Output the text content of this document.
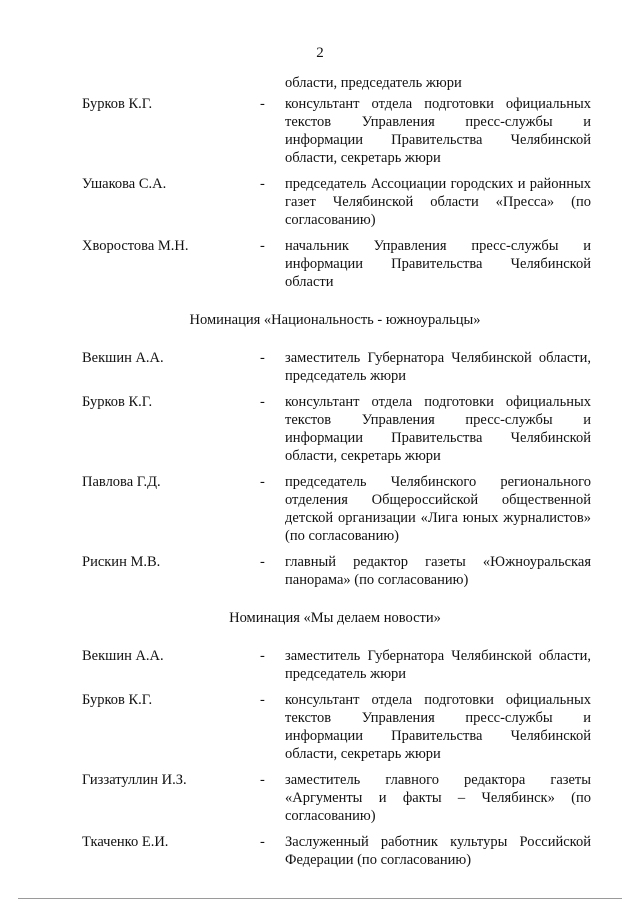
2
области, председатель жюри
Бурков К.Г.	- консультант отдела подготовки официальных текстов Управления пресс-службы и информации Правительства Челябинской области, секретарь жюри
Ушакова С.А.	- председатель Ассоциации городских и районных газет Челябинской области «Пресса» (по согласованию)
Хворостова М.Н.	- начальник Управления пресс-службы и информации Правительства Челябинской области
Номинация «Национальность - южноуральцы»
Векшин А.А.	- заместитель Губернатора Челябинской области, председатель жюри
Бурков К.Г.	- консультант отдела подготовки официальных текстов Управления пресс-службы и информации Правительства Челябинской области, секретарь жюри
Павлова Г.Д.	- председатель Челябинского регионального отделения Общероссийской общественной детской организации «Лига юных журналистов» (по согласованию)
Рискин М.В.	- главный редактор газеты «Южноуральская панорама» (по согласованию)
Номинация «Мы делаем новости»
Векшин А.А.	- заместитель Губернатора Челябинской области, председатель жюри
Бурков К.Г.	- консультант отдела подготовки официальных текстов Управления пресс-службы и информации Правительства Челябинской области, секретарь жюри
Гиззатуллин И.З.	- заместитель главного редактора газеты «Аргументы и факты – Челябинск» (по согласованию)
Ткаченко Е.И.	- Заслуженный работник культуры Российской Федерации (по согласованию)
